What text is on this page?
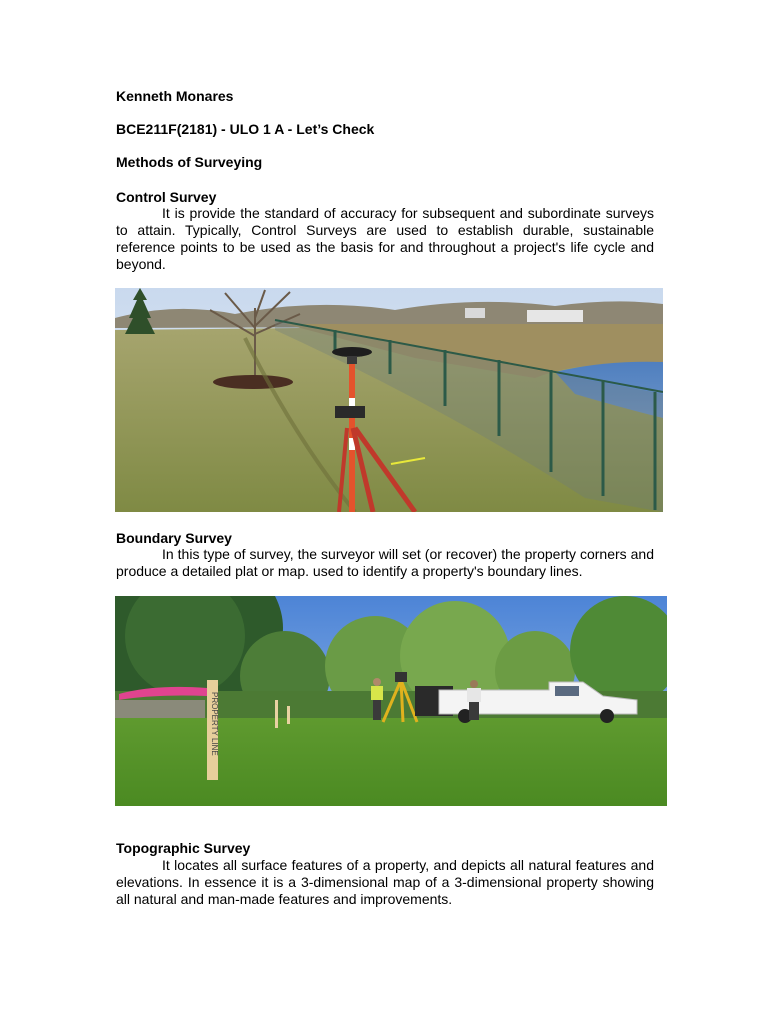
Kenneth Monares
BCE211F(2181) - ULO 1 A - Let’s Check
Methods of Surveying
Control Survey
It is provide the standard of accuracy for subsequent and subordinate surveys to attain. Typically, Control Surveys are used to establish durable, sustainable reference points to be used as the basis for and throughout a project's life cycle and beyond.
Boundary Survey
In this type of survey, the surveyor will set (or recover) the property corners and produce a detailed plat or map. used to identify a property's boundary lines.
PROPERTY LINE
Topographic Survey
It locates all surface features of a property, and depicts all natural features and elevations. In essence it is a 3-dimensional map of a 3-dimensional property showing all natural and man-made features and improvements.
